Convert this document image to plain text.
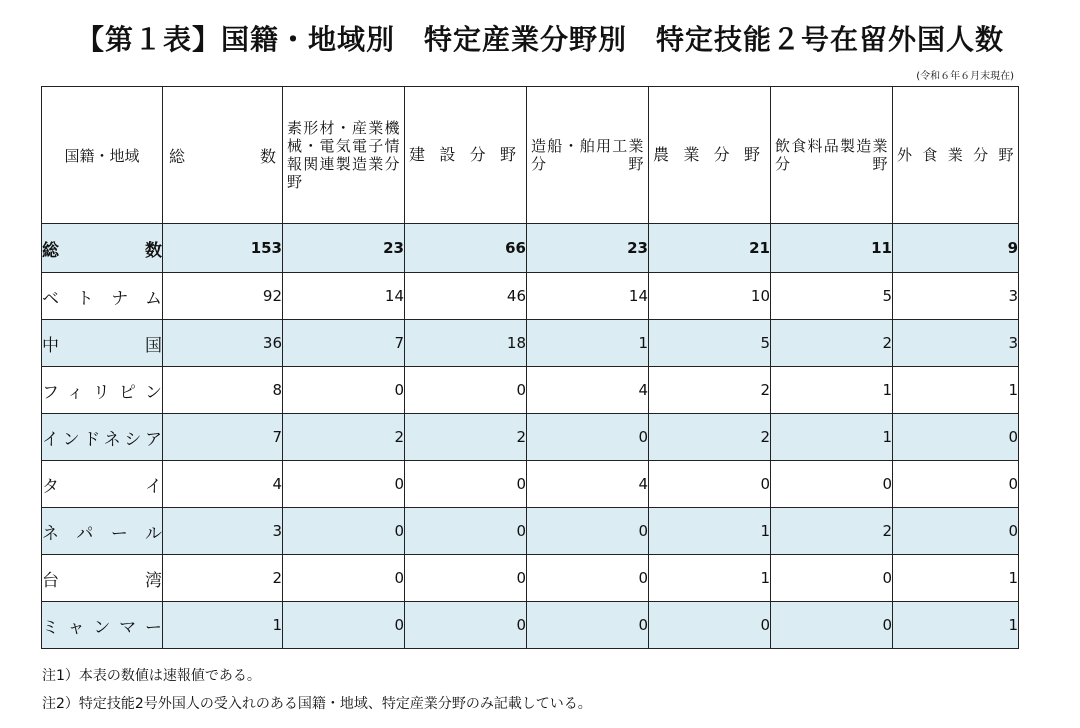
【第１表】国籍・地域別　特定産業分野別　特定技能２号在留外国人数
(令和６年６月末現在)
国籍・地域	総 数	素形材・産業機械・電気電子情報関連製造業分野	建設分野	造船・舶用工業分野	農業分野	飲食料品製造業分野	外食業分野

総数	153	23	66	23	21	11	9
ベトナム	92	14	46	14	10	5	3
中国	36	7	18	1	5	2	3
フィリピン	8	0	0	4	2	1	1
インドネシア	7	2	2	0	2	1	0
タイ	4	0	0	4	0	0	0
ネパール	3	0	0	0	1	2	0
台湾	2	0	0	0	1	0	1
ミャンマー	1	0	0	0	0	0	1
注1）本表の数値は速報値である。
注2）特定技能2号外国人の受入れのある国籍・地域、特定産業分野のみ記載している。
